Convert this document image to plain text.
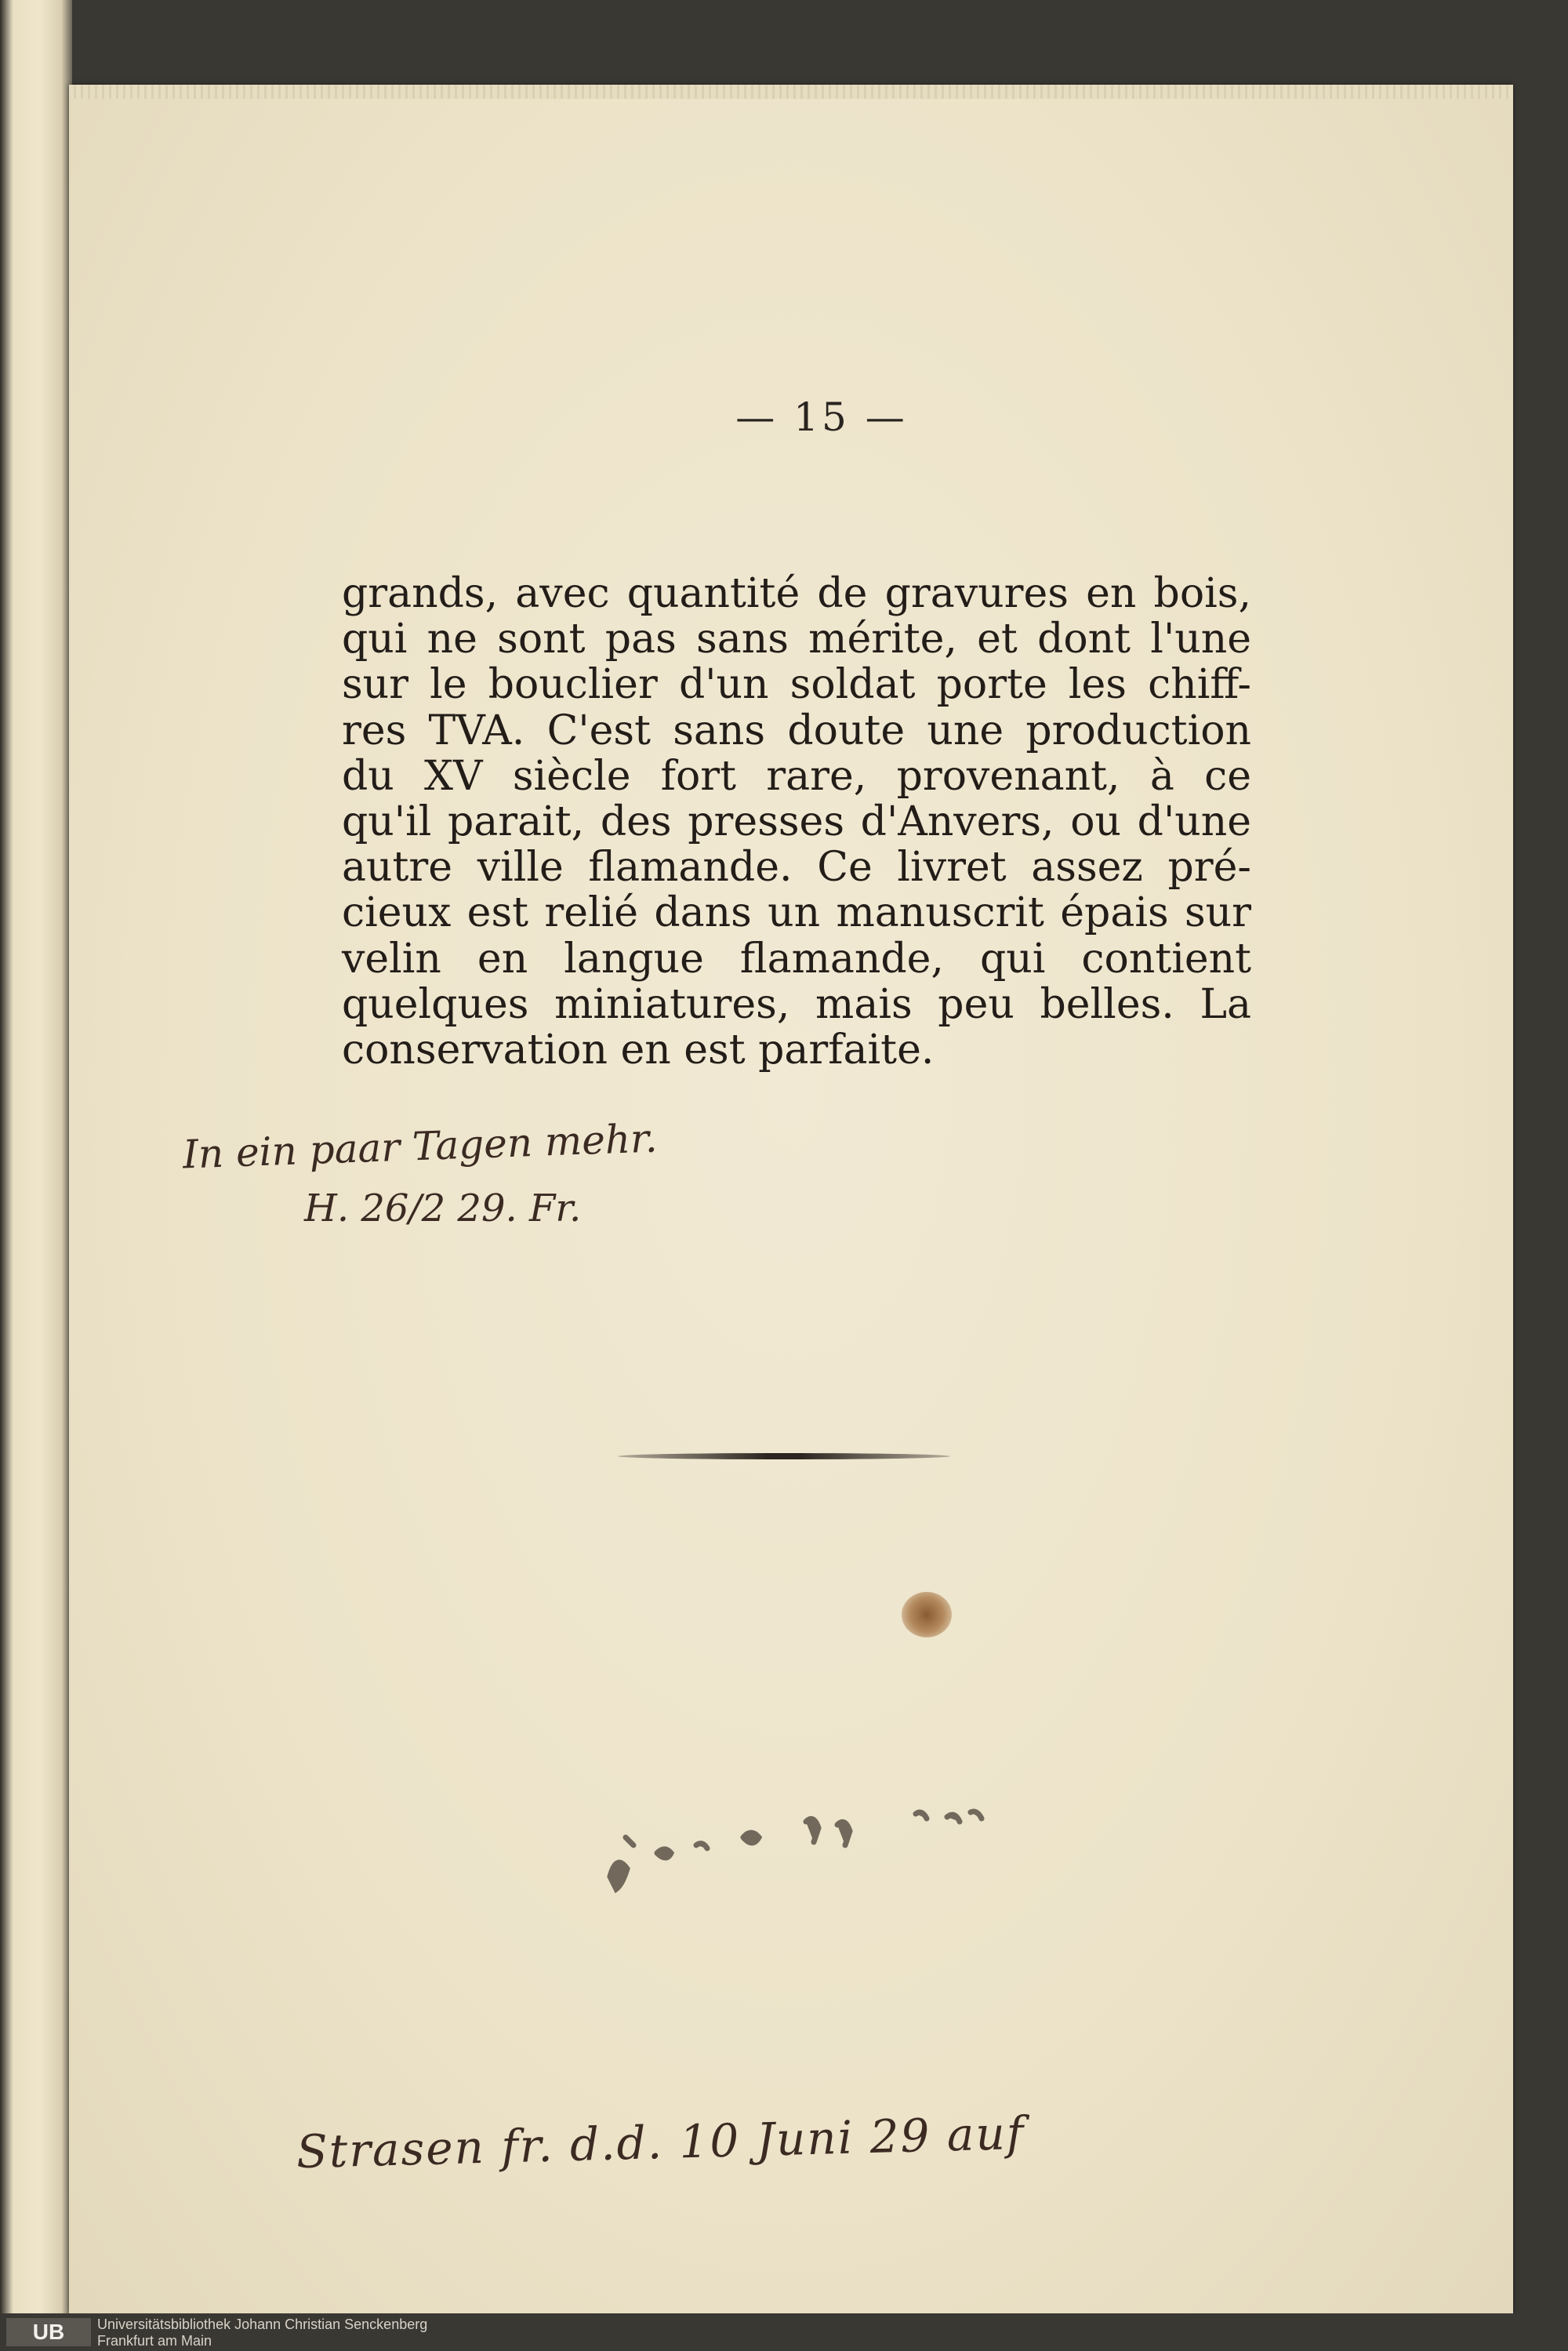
— 15 —

grands, avec quantité de gravures en bois,
qui ne sont pas sans mérite, et dont l'une
sur le bouclier d'un soldat porte les chiff-
res TVA. C'est sans doute une production
du XV siècle fort rare, provenant, à ce
qu'il parait, des presses d'Anvers, ou d'une
autre ville flamande. Ce livret assez pré-
cieux est relié dans un manuscrit épais sur
velin en langue flamande, qui contient
quelques miniatures, mais peu belles. La
conservation en est parfaite.

In ein paar Tagen mehr.
H. 26/2 29. Fr.
Strasen fr. d.d. 10 Juni 29 auf
UB	Universitätsbibliothek Johann Christian Senckenberg
Frankfurt am Main
